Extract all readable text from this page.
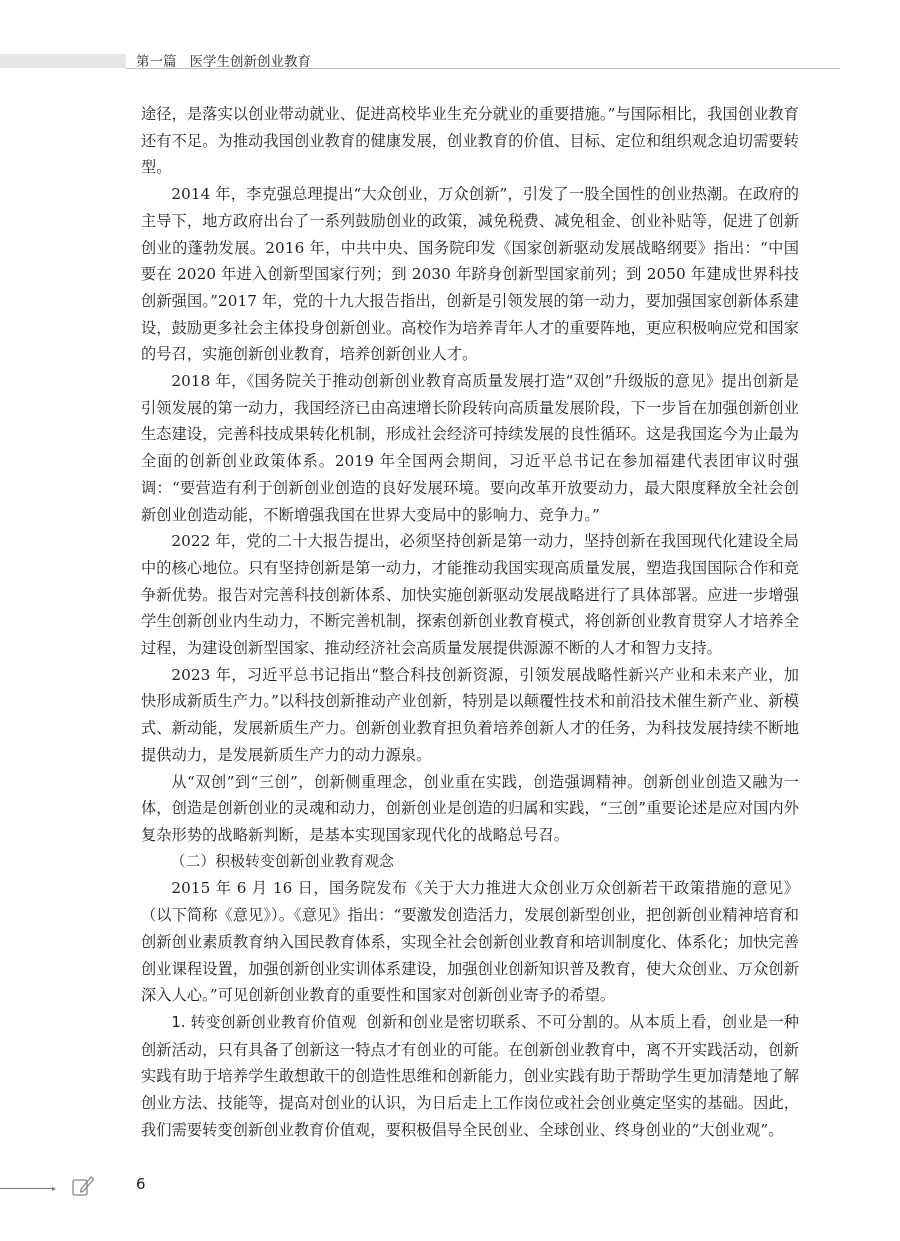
第一篇 医学生创新创业教育

途径，是落实以创业带动就业、促进高校毕业生充分就业的重要措施。”与国际相比，我国创业教育还有不足。为推动我国创业教育的健康发展，创业教育的价值、目标、定位和组织观念迫切需要转型。

2014 年，李克强总理提出“大众创业，万众创新”，引发了一股全国性的创业热潮。在政府的主导下，地方政府出台了一系列鼓励创业的政策，减免税费、减免租金、创业补贴等，促进了创新创业的蓬勃发展。2016 年，中共中央、国务院印发《国家创新驱动发展战略纲要》指出：“中国要在 2020 年进入创新型国家行列；到 2030 年跻身创新型国家前列；到 2050 年建成世界科技创新强国。”2017 年，党的十九大报告指出，创新是引领发展的第一动力，要加强国家创新体系建设，鼓励更多社会主体投身创新创业。高校作为培养青年人才的重要阵地，更应积极响应党和国家的号召，实施创新创业教育，培养创新创业人才。

2018 年，《国务院关于推动创新创业教育高质量发展打造“双创”升级版的意见》提出创新是引领发展的第一动力，我国经济已由高速增长阶段转向高质量发展阶段，下一步旨在加强创新创业生态建设，完善科技成果转化机制，形成社会经济可持续发展的良性循环。这是我国迄今为止最为全面的创新创业政策体系。2019 年全国两会期间，习近平总书记在参加福建代表团审议时强调：“要营造有利于创新创业创造的良好发展环境。要向改革开放要动力，最大限度释放全社会创新创业创造动能，不断增强我国在世界大变局中的影响力、竞争力。”

2022 年，党的二十大报告提出，必须坚持创新是第一动力，坚持创新在我国现代化建设全局中的核心地位。只有坚持创新是第一动力，才能推动我国实现高质量发展，塑造我国国际合作和竞争新优势。报告对完善科技创新体系、加快实施创新驱动发展战略进行了具体部署。应进一步增强学生创新创业内生动力，不断完善机制，探索创新创业教育模式，将创新创业教育贯穿人才培养全过程，为建设创新型国家、推动经济社会高质量发展提供源源不断的人才和智力支持。

2023 年，习近平总书记指出“整合科技创新资源，引领发展战略性新兴产业和未来产业，加快形成新质生产力。”以科技创新推动产业创新，特别是以颠覆性技术和前沿技术催生新产业、新模式、新动能，发展新质生产力。创新创业教育担负着培养创新人才的任务，为科技发展持续不断地提供动力，是发展新质生产力的动力源泉。

从“双创”到“三创”，创新侧重理念，创业重在实践，创造强调精神。创新创业创造又融为一体，创造是创新创业的灵魂和动力，创新创业是创造的归属和实践，“三创”重要论述是应对国内外复杂形势的战略新判断，是基本实现国家现代化的战略总号召。

（二）积极转变创新创业教育观念

2015 年 6 月 16 日，国务院发布《关于大力推进大众创业万众创新若干政策措施的意见》（以下简称《意见》）。《意见》指出：“要激发创造活力，发展创新型创业，把创新创业精神培育和创新创业素质教育纳入国民教育体系，实现全社会创新创业教育和培训制度化、体系化；加快完善创业课程设置，加强创新创业实训体系建设，加强创业创新知识普及教育，使大众创业、万众创新深入人心。”可见创新创业教育的重要性和国家对创新创业寄予的希望。

1. 转变创新创业教育价值观 创新和创业是密切联系、不可分割的。从本质上看，创业是一种创新活动，只有具备了创新这一特点才有创业的可能。在创新创业教育中，离不开实践活动，创新实践有助于培养学生敢想敢干的创造性思维和创新能力，创业实践有助于帮助学生更加清楚地了解创业方法、技能等，提高对创业的认识，为日后走上工作岗位或社会创业奠定坚实的基础。因此，我们需要转变创新创业教育价值观，要积极倡导全民创业、全球创业、终身创业的“大创业观”。

▸	6
